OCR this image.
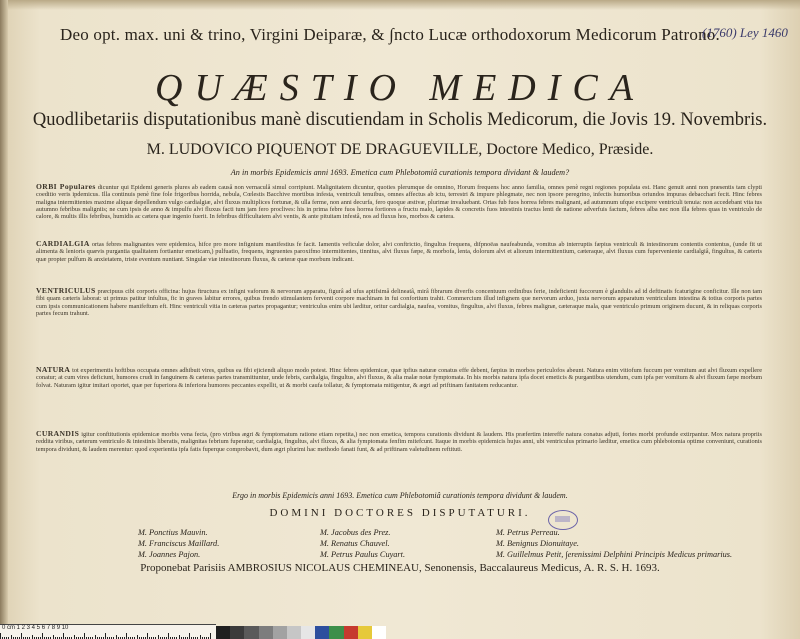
Deo opt. max. uni & trino, Virgini Deiparæ, & ∫ncto Lucæ orthodoxorum Medicorum Patrono.
(1760) Ley 1460
QUÆSTIO MEDICA
Quodlibetariis disputationibus manè discutiendam in Scholis Medicorum, die Jovis 19. Novembris.
M. LUDOVICO PIQUENOT DE DRAGUEVILLE, Doctore Medico, Præside.
An in morbis Epidemicis anni 1693. Emetica cum Phlebotomiâ curationis tempora dividant & laudem?
ORBI Populares dicuntur qui Epidemi generis plures ab eadem causâ non vernaculâ simul corripiunt. Malignitatem dicuntur, quoties plerumque de omnino, Horum frequens hoc anno familia, omnes penè regni regiones populata est. Hanc genuit anni non præsentis tam clypti coeditio veris ipdemicus. Illa continuis penè fine fole frigoribus horrida, nebula, Cœlestis Bacchive mortibus infesta, ventriculi tenuibus, omnes affectus ab ictu, terrestri & impure phlegmate, nec non ipsore peregrino, infectis humoribus oriundos impuras debacchari fecit. Hinc febres maligna intermittentes maxime aliquæ depellendum vulgo cardialgiæ, alvi fluxus multiplices fortunæ, & ulla ferme, non anni decurfa, fero quoque æstivæ, plurimæ invaluebant. Ortas fub fuos horrea febres malignant, ad autumnum ufque excipere ventriculi tenuia: non accedebant vita tus autumno febribus maligniis; ne cum ipsis de anno & impulfu alvi fluxus facti tum jam fero proclives: his in prima febre fuos horrea fortiores a fructu malo, lapides & concretis fuos intestinis tractus lenti de natione adverfuis factum, febres alba nec non illa febres quas in ventriculo de calore, & multis illis febribus, humidis ac cætera quæ ingenio fuerit. In febribus difficultatem alvi ventis, & ante pituitam infestâ, nos ad fluxus hos, morbos & cætera.
CARDIALGIA ortas febres malignantes vere epidemica, hifce pro more infignium manifestius fe facit. Iamentis veficulæ dolor, alvi conftrictio, fingultus frequens, difpnoëas naufeabunda, vomitus ab interruptis fæpius ventriculi & intestinorum contentis contentus, (unde fit ut alimenta & lenioris quævis purgantia qualitatem fortiantur emeticam,) pulfuatio, frequens, ingruentes paroxifmo intermittentes, tinnitus, alvi fluxus fæpe, & morbofa, lenta, dolorum alvi et aliorum intermittentium, cæteraque, alvi fluxus cum fuperveniente cardialgiâ, fingultus, & cæteris quæ propter pulfum & anxietatem, triste eventum nuntiant. Singulæ viæ intestinorum fluxus, & cæteræ quæ morbum indicant.
VENTRICULUS præcipuus cibi corporis officina: hujus ftructura ex infigni vaforum & nervorum apparatu, figurâ ad ufus aptifsimâ delineatâ, mirâ fibrarum diverfis concentuum ordinibus ferie, indeficienti fuccorum è glandulis ad id deftinatis fcaturigine conficitur. Ille non tam fibi quam cæteris laborat: ut primus patitur infultus, fic in graves labitur errores, quibus frendo stimulantem ferventi corpore machinam in fui confortium trahit. Commercium illud infignem que nervorum arduo, juxta nervorum apparatum ventriculum intestina & totius corporis partes cum ipsis communicationem habere manifeftum eft. Hinc ventriculi vitia in cæteras partes propagantur; ventriculus enim ubi læditur, oritur cardialgia, naufea, vomitus, fingultus, alvi fluxus, febres malignæ, cæteraque mala, quæ ventriculo primum originem ducunt, & in reliquas corporis partes fecum trahunt.
NATURA tot experimentis hoftibus occupata omnes adhibuit vires, quibus ea fibi ejiciendi aliquo modo potest. Hinc febres epidemicæ, quæ ipfius naturæ conatus effe debent, fæpius in morbos periculofos abeunt. Natura enim vitiofum fuccum per vomitum aut alvi fluxum expellere conatur; at cum vires deficiunt, humores crudi in fanguinem & cæteras partes transmittuntur, unde febris, cardialgia, fingultus, alvi fluxus, & alia malæ notæ fymptomata. In his morbis natura ipfa docet emeticis & purgantibus utendum, cum ipfa per vomitum & alvi fluxum fæpe morbum folvat. Naturam igitur imitari oportet, quæ per fuperiora & inferiora humores peccantes expellit, ut & morbi caufa tollatur, & fymptomata mitigentur, & ægri ad priftinam fanitatem reducantur.
CURANDIS igitur conftitutionis epidemicæ morbis vena fecta, (pro viribus ægri & fymptomatum ratione etiam repetita,) nec non emetica, tempora curationis dividunt & laudem. His præfertim intereffe natura conatus adjuti, fortes morbi profunde extirpantur. Mox natura propriis reddita viribus, cæterum ventriculo & intestinis liberatis, malignitas febrium fuperatur, cardialgia, fingultus, alvi fluxus, & alia fymptomata fenfim mitefcunt. Itaque in morbis epidemicis hujus anni, ubi ventriculus primario læditur, emetica cum phlebotomia optime conveniunt, curationis tempora dividunt, & laudem merentur: quod experientia ipfa fatis fuperque comprobavit, dum ægri plurimi hac methodo fanati funt, & ad priftinam valetudinem reftituti.
Ergo in morbis Epidemicis anni 1693. Emetica cum Phlebotomiâ curationis tempora dividunt & laudem.
DOMINI DOCTORES DISPUTATURI.
M. Ponctius Mauvin.
M. Franciscus Maillard.
M. Joannes Pajon.
M. Jacobus des Prez.
M. Renatus Chauvel.
M. Petrus Paulus Cuyart.
M. Petrus Perreau.
M. Benignus Dionuitaye.
M. Guillelmus Petit, ∫erenissimi Delphini Principis Medicus primarius.
Proponebat Parisiis AMBROSIUS NICOLAUS CHEMINEAU, Senonensis, Baccalaureus Medicus, A. R. S. H. 1693.
0 cm 1 2 3 4 5 6 7 8 9 10
